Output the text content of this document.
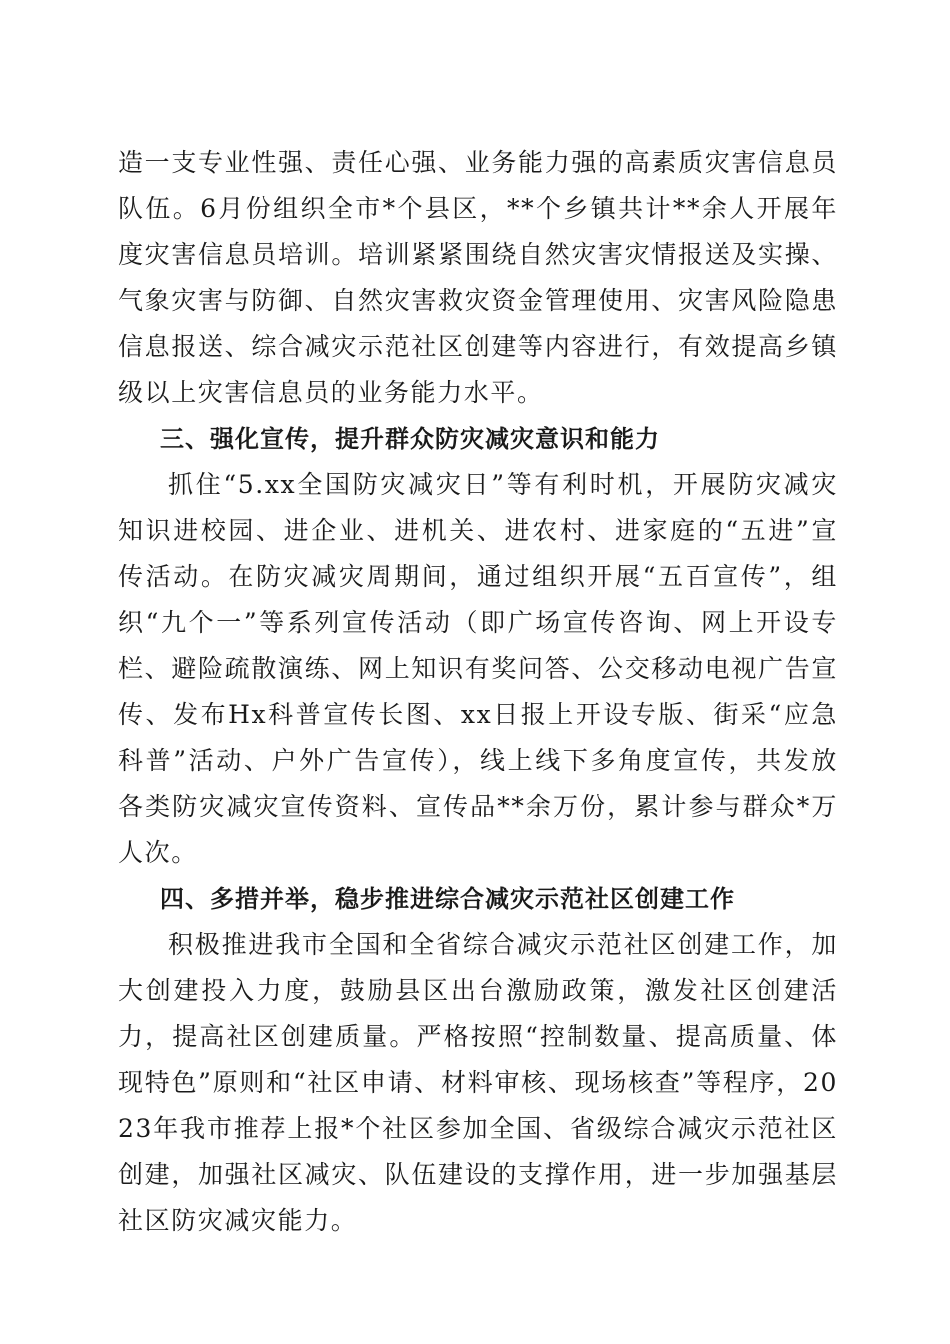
造一支专业性强、责任心强、业务能力强的高素质灾害信息员队伍。6月份组织全市*个县区，**个乡镇共计**余人开展年度灾害信息员培训。培训紧紧围绕自然灾害灾情报送及实操、气象灾害与防御、自然灾害救灾资金管理使用、灾害风险隐患信息报送、综合减灾示范社区创建等内容进行，有效提高乡镇级以上灾害信息员的业务能力水平。

三、强化宣传，提升群众防灾减灾意识和能力

抓住“5.xx全国防灾减灾日”等有利时机，开展防灾减灾知识进校园、进企业、进机关、进农村、进家庭的“五进”宣传活动。在防灾减灾周期间，通过组织开展“五百宣传”，组织“九个一”等系列宣传活动（即广场宣传咨询、网上开设专栏、避险疏散演练、网上知识有奖问答、公交移动电视广告宣传、发布Hx科普宣传长图、xx日报上开设专版、街采“应急科普”活动、户外广告宣传），线上线下多角度宣传，共发放各类防灾减灾宣传资料、宣传品**余万份，累计参与群众*万人次。

四、多措并举，稳步推进综合减灾示范社区创建工作

积极推进我市全国和全省综合减灾示范社区创建工作，加大创建投入力度，鼓励县区出台激励政策，激发社区创建活力，提高社区创建质量。严格按照“控制数量、提高质量、体现特色”原则和“社区申请、材料审核、现场核查”等程序，2023年我市推荐上报*个社区参加全国、省级综合减灾示范社区创建，加强社区减灾、队伍建设的支撑作用，进一步加强基层社区防灾减灾能力。
